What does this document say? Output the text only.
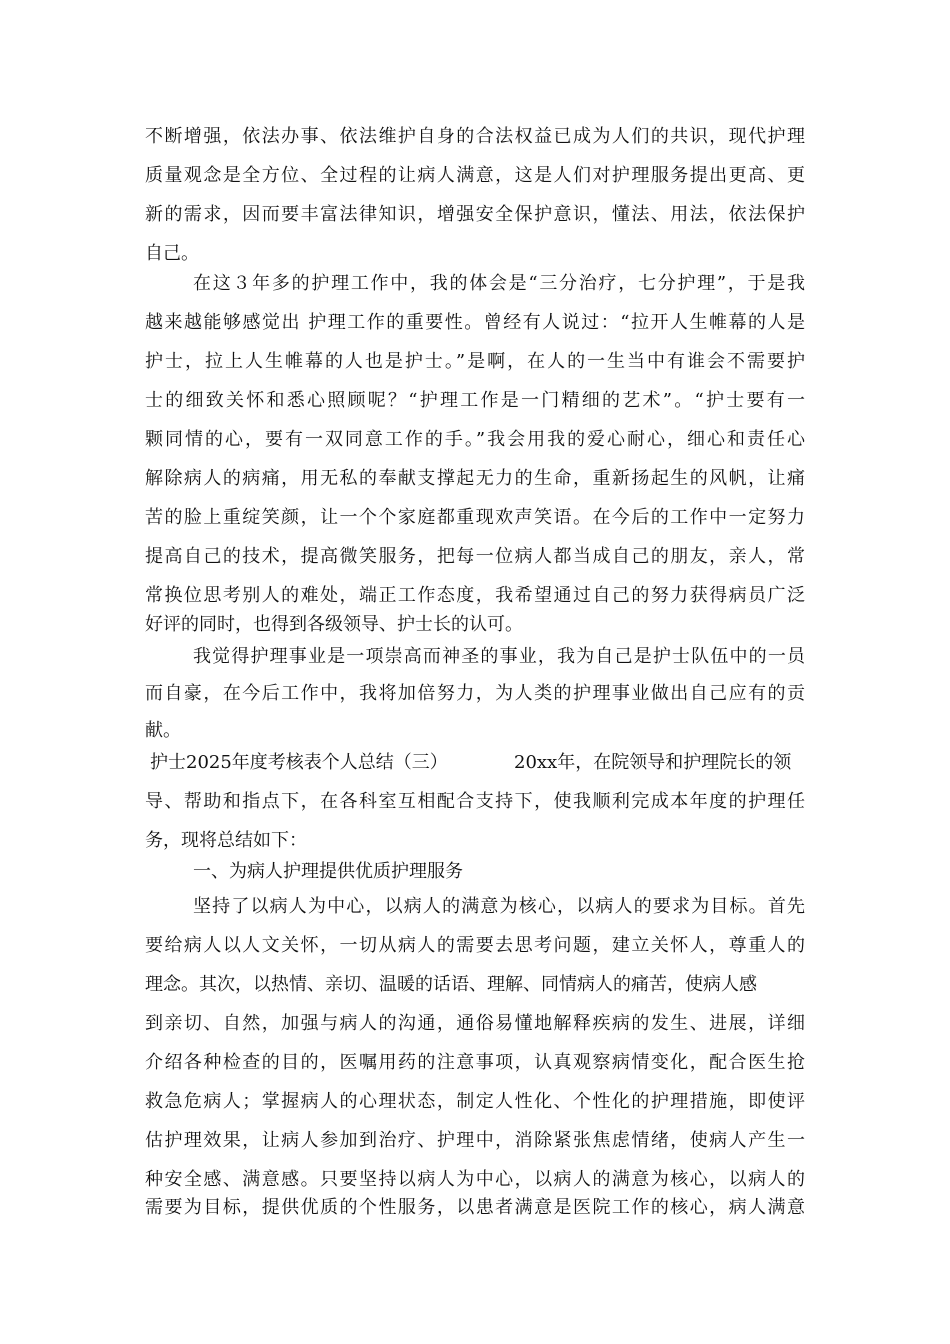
不断增强，依法办事、依法维护自身的合法权益已成为人们的共识，现代护理
质量观念是全方位、全过程的让病人满意，这是人们对护理服务提出更高、更
新的需求，因而要丰富法律知识，增强安全保护意识，懂法、用法，依法保护
自己。
在这３年多的护理工作中，我的体会是“三分治疗，七分护理”，于是我
越来越能够感觉出 护理工作的重要性。曾经有人说过：“拉开人生帷幕的人是
护士，拉上人生帷幕的人也是护士。”是啊，在人的一生当中有谁会不需要护
士的细致关怀和悉心照顾呢？“护理工作是一门精细的艺术”。“护士要有一
颗同情的心，要有一双同意工作的手。”我会用我的爱心耐心，细心和责任心
解除病人的病痛，用无私的奉献支撑起无力的生命，重新扬起生的风帆，让痛
苦的脸上重绽笑颜，让一个个家庭都重现欢声笑语。在今后的工作中一定努力
提高自己的技术，提高微笑服务，把每一位病人都当成自己的朋友，亲人，常
常换位思考别人的难处，端正工作态度，我希望通过自己的努力获得病员广泛
好评的同时，也得到各级领导、护士长的认可。
我觉得护理事业是一项崇高而神圣的事业，我为自己是护士队伍中的一员
而自豪，在今后工作中，我将加倍努力，为人类的护理事业做出自己应有的贡
献。
护士2025年度考核表个人总结（三）	20xx年，在院领导和护理院长的领
导、帮助和指点下，在各科室互相配合支持下，使我顺利完成本年度的护理任
务，现将总结如下：
一、为病人护理提供优质护理服务
坚持了以病人为中心，以病人的满意为核心，以病人的要求为目标。首先
要给病人以人文关怀，一切从病人的需要去思考问题，建立关怀人，尊重人的
理念。其次，以热情、亲切、温暖的话语、理解、同情病人的痛苦，使病人感
到亲切、自然，加强与病人的沟通，通俗易懂地解释疾病的发生、进展，详细
介绍各种检查的目的，医嘱用药的注意事项，认真观察病情变化，配合医生抢
救急危病人；掌握病人的心理状态，制定人性化、个性化的护理措施，即使评
估护理效果，让病人参加到治疗、护理中，消除紧张焦虑情绪，使病人产生一
种安全感、满意感。只要坚持以病人为中心，以病人的满意为核心，以病人的
需要为目标，提供优质的个性服务，以患者满意是医院工作的核心，病人满意
